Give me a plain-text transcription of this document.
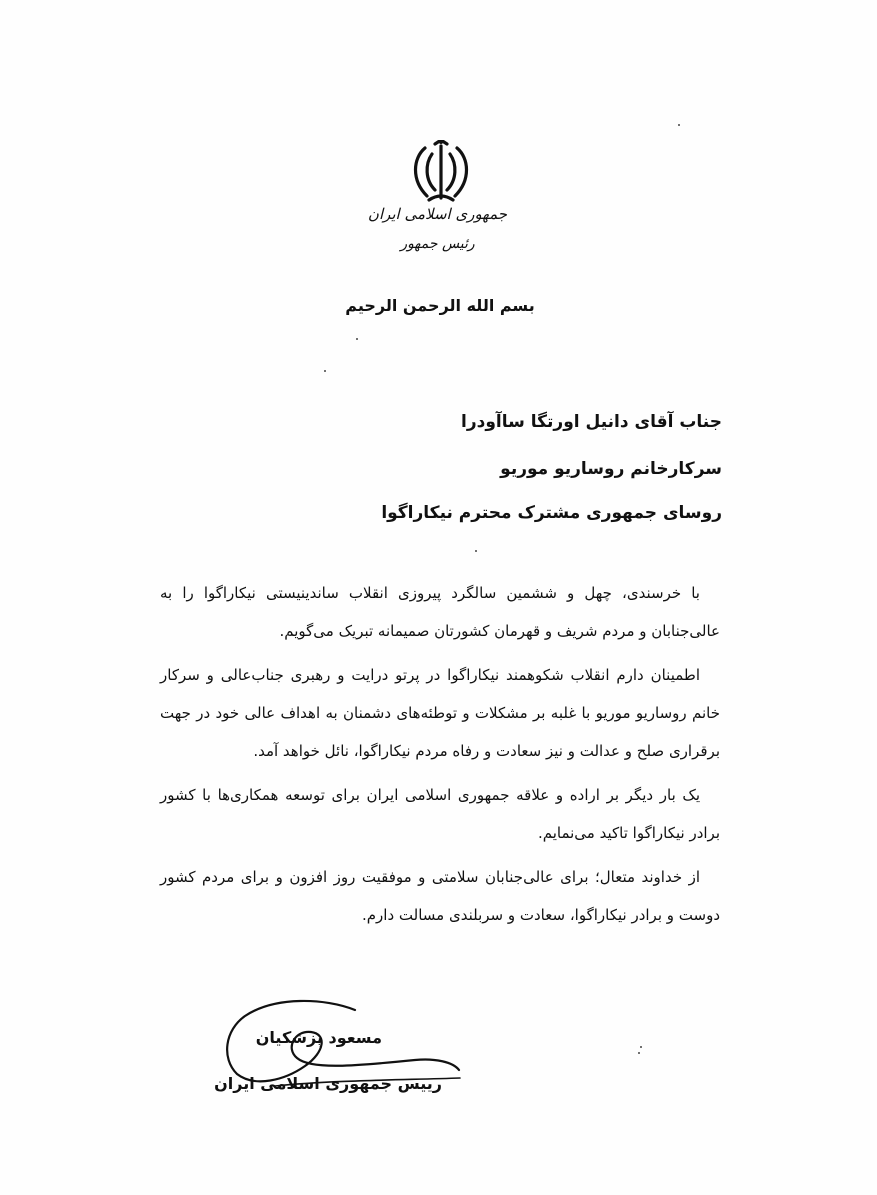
جمهوری اسلامی ایران
رئیس جمهور
بسم الله الرحمن الرحیم
جناب آقای دانیل اورتگا ساآودرا
سرکارخانم روساریو موریو
روسای جمهوری مشترک محترم نیکاراگوا

با خرسندی، چهل و ششمین سالگرد پیروزی انقلاب ساندینیستی نیکاراگوا را به عالی‌جنابان و مردم شریف و قهرمان کشورتان صمیمانه تبریک می‌گویم.

اطمینان دارم انقلاب شکوهمند نیکاراگوا در پرتو درایت و رهبری جناب‌عالی و سرکار خانم روساریو موریو با غلبه بر مشکلات و توطئه‌های دشمنان به اهداف عالی خود در جهت برقراری صلح و عدالت و نیز سعادت و رفاه مردم نیکاراگوا، نائل خواهد آمد.

یک بار دیگر بر اراده و علاقه جمهوری اسلامی ایران برای توسعه همکاری‌ها با کشور برادر نیکاراگوا تاکید می‌نمایم.

از خداوند متعال؛ برای عالی‌جنابان سلامتی و موفقیت روز افزون و برای مردم کشور دوست و برادر نیکاراگوا، سعادت و سربلندی مسالت دارم.

مسعود پزشکیان
رییس جمهوری اسلامی ایران
